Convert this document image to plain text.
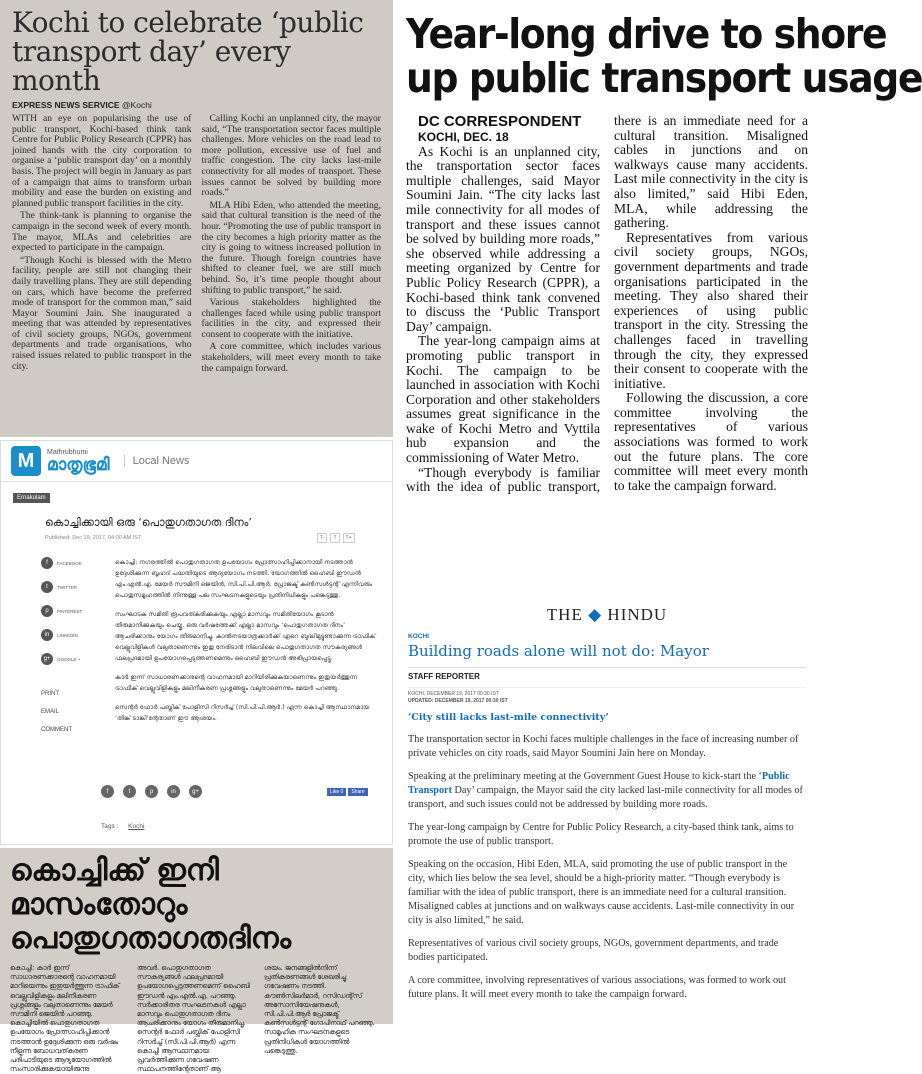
Kochi to celebrate ‘public transport day’ every month
EXPRESS NEWS SERVICE @Kochi

WITH an eye on popularising the use of public transport, Kochi-based think tank Centre for Public Policy Research (CPPR) has joined hands with the city corporation to organise a ‘public transport day’ on a monthly basis. The project will begin in January as part of a campaign that aims to transform urban mobility and ease the burden on existing and planned public transport facilities in the city.

The think-tank is planning to organise the campaign in the second week of every month. The mayor, MLAs and celebrities are expected to participate in the campaign.

“Though Kochi is blessed with the Metro facility, people are still not changing their daily travelling plans. They are still depending on cars, which have become the preferred mode of transport for the common man,” said Mayor Soumini Jain. She inaugurated a meeting that was attended by representatives of civil society groups, NGOs, government departments and trade organisations, who raised issues related to public transport in the city.

Calling Kochi an unplanned city, the mayor said, “The transportation sector faces multiple challenges. More vehicles on the road lead to more pollution, excessive use of fuel and traffic congestion. The city lacks last-mile connectivity for all modes of transport. These issues cannot be solved by building more roads.”

MLA Hibi Eden, who attended the meeting, said that cultural transition is the need of the hour. “Promoting the use of public transport in the city becomes a high priority matter as the city is going to witness increased pollution in the future. Though foreign countries have shifted to cleaner fuel, we are still much behind. So, it’s time people thought about shifting to public transport,” he said.

Various stakeholders highlighted the challenges faced while using public transport facilities in the city, and expressed their consent to cooperate with the initiative.

A core committee, which includes various stakeholders, will meet every month to take the campaign forward.

Year-long drive to shore
up public transport usage

DC CORRESPONDENT

KOCHI, DEC. 18

As Kochi is an unplanned city, the transportation sector faces multiple challenges, said Mayor Soumini Jain. “The city lacks last mile connectivity for all modes of transport and these issues cannot be solved by building more roads,” she observed while addressing a meeting organized by Centre for Public Policy Research (CPPR), a Kochi-based think tank convened to discuss the ‘Public Transport Day’ campaign.

The year-long campaign aims at promoting public transport in Kochi. The campaign to be launched in association with Kochi Corporation and other stakeholders assumes great significance in the wake of Kochi Metro and Vyttila hub expansion and the commissioning of Water Metro.

“Though everybody is familiar with the idea of public transport, there is an immediate need for a cultural transition. Misaligned cables in junctions and on walkways cause many accidents. Last mile connectivity in the city is also limited,” said Hibi Eden, MLA, while addressing the gathering.

Representatives from various civil society groups, NGOs, government departments and trade organisations participated in the meeting. They also shared their experiences of using public transport in the city. Stressing the challenges faced in travelling through the city, they expressed their consent to cooperate with the initiative.

Following the discussion, a core committee involving the representatives of various associations was formed to work out the future plans. The core committee will meet every month to take the campaign forward.

M	Mathrubhumi
മാതൃഭൂമി	Local News
Ernakulam
കൊച്ചിക്കായി ഒരു ‘പൊതുഗതാഗത ദിനം’
Published: Dec 19, 2017, 04:00 AM IST	T-	T	T+
f	FACEBOOK
t	TWITTER
p	PINTEREST
in	LINKEDIN
g+	GOOGLE +
PRINT
EMAIL
COMMENT

കൊച്ചി: നഗരത്തിൽ പൊതുഗതാഗത ഉപയോഗം പ്രോത്സാഹിപ്പിക്കാനായി നടത്താൻ ഉദ്ദേശിക്കുന്ന ബൃഹദ് പദ്ധതിയുടെ ആദ്യയോഗം നടത്തി. യോഗത്തിൽ ഹൈബി ഈഡൻ എം.എൽ.എ. മേയർ സൗമിനി ജെയിൻ, സി.പി.പി.ആർ. പ്രോജക്ട് കൺസൾട്ടന്റ് എന്നിവരും പൊതുസമൂഹത്തിൽ നിന്നുള്ള പല സംഘടനകളുടെയും പ്രതിനിധികളും പങ്കെടുത്തു.

സംഘാടക സമിതി രൂപവത്കരിക്കുകയും എല്ലാ മാസവും സമിതിയോഗം കൂടാൻ തീരുമാനിക്കുകയും ചെയ്തു. ഒരു വർഷത്തേക്ക് എല്ലാ മാസവും ‘പൊതുഗതാഗത ദിനം’ ആചരിക്കാനും യോഗം തീരുമാനിച്ചു. കാൽനടയാത്രക്കാർക്ക് ഏറെ ബുദ്ധിമുട്ടുണ്ടാക്കുന്ന ട്രാഫിക് വെല്ലുവിളികൾ വലുതാണെന്നും ഇതു നേരിടാൻ നിലവിലെ പൊതുഗതാഗത സൗകര്യങ്ങൾ ഫലപ്രദമായി ഉപയോഗപ്പെടുത്തണമെന്നും ഹൈബി ഈഡൻ അഭിപ്രായപ്പെട്ടു.

കാർ ഇന്ന് സാധാരണക്കാരന്റെ വാഹനമായി മാറിയിരിക്കുകയാണെന്നും ഇതുയർത്തുന്ന ട്രാഫിക് വെല്ലുവിളികളും മലിനീകരണ പ്രശ്നങ്ങളും വലുതാണെന്നും മേയർ പറഞ്ഞു.

സെന്റർ ഫോർ പബ്ലിക് പോളിസി റിസർച്ച് (സി.പി.പി.ആർ.) എന്ന കൊച്ചി ആസ്ഥാനമായ ‘തിങ്ക് ടാങ്കി’ന്റേതാണ് ഈ ആശയം.

f	t	p	in	g+	Like 0	Share
Tags : Kochi
കൊച്ചിക്ക് ഇനി മാസംതോറും
പൊതുഗതാഗതദിനം

കൊച്ചി: കാർ ഇന്ന് സാധാരണക്കാരന്റെ വാഹനമായി മാറിയെന്നും ഇതുയർത്തുന്ന ട്രാഫിക് വെല്ലുവിളികളും മലിനീകരണ പ്രശ്നങ്ങളും വലുതാണെന്നും മേയർ സൗമിനി ജെയിൻ പറഞ്ഞു. കൊച്ചിയിൽ പൊതുഗതാഗത ഉപയോഗം പ്രോത്സാഹിപ്പിക്കാൻ നടത്താൻ ഉദ്ദേശിക്കുന്ന ഒരു വർഷം നീളുന്ന ബോധവത്കരണ പരിപാടിയുടെ ആദ്യയോഗത്തിൽ സംസാരിക്കുകയായിരുന്നു

അവർ. പൊതുഗതാഗത സൗകര്യങ്ങൾ ഫലപ്രദമായി ഉപയോഗപ്പെടുത്തണമെന്ന് ഹൈബി ഈഡൻ എം.എൽ.എ. പറഞ്ഞു. സർക്കാരിതര സംഘടനകൾ എല്ലാ മാസവും പൊതുഗതാഗത ദിനം ആചരിക്കാനും യോഗം തീരുമാനിച്ചു. സെന്റർ ഫോർ പബ്ലിക് പോളിസി റിസർച്ച് (സി.പി.പി.ആർ) എന്ന കൊച്ചി ആസ്ഥാനമായ പ്രവർത്തിക്കുന്ന ഗവേഷണ സ്ഥാപനത്തിന്റേതാണ് ആ

ശയം. ജനങ്ങളിൽനിന്ന് പ്രതികരണങ്ങൾ ശേഖരിച്ചു ഗവേഷണം നടത്തി. കൗൺസിലർമാർ, റസിഡന്റ്സ് അസോസിയേഷനുകൾ, സി.പി.പി.ആർ പ്രോജക്ട് കൺസൾട്ടന്റ് ഗോപിനാഥ് പറഞ്ഞു. സാമൂഹിക സംഘടനകളുടെ പ്രതിനിധികൾ യോഗത്തിൽ പങ്കെടുത്തു.

THE ◆ HINDU
KOCHI
Building roads alone will not do: Mayor
STAFF REPORTER
KOCHI, DECEMBER 19, 2017 00:30 IST
UPDATED: DECEMBER 19, 2017 00:30 IST
‘City still lacks last-mile connectivity’

The transportation sector in Kochi faces multiple challenges in the face of increasing number of private vehicles on city roads, said Mayor Soumini Jain here on Monday.

Speaking at the preliminary meeting at the Government Guest House to kick-start the ‘Public Transport Day’ campaign, the Mayor said the city lacked last-mile connectivity for all modes of transport, and such issues could not be addressed by building more roads.

The year-long campaign by Centre for Public Policy Research, a city-based think tank, aims to promote the use of public transport.

Speaking on the occasion, Hibi Eden, MLA, said promoting the use of public transport in the city, which lies below the sea level, should be a high-priority matter. “Though everybody is familiar with the idea of public transport, there is an immediate need for a cultural transition. Misaligned cables at junctions and on walkways cause accidents. Last-mile connectivity in our city is also limited,” he said.

Representatives of various civil society groups, NGOs, government departments, and trade bodies participated.

A core committee, involving representatives of various associations, was formed to work out future plans. It will meet every month to take the campaign forward.
